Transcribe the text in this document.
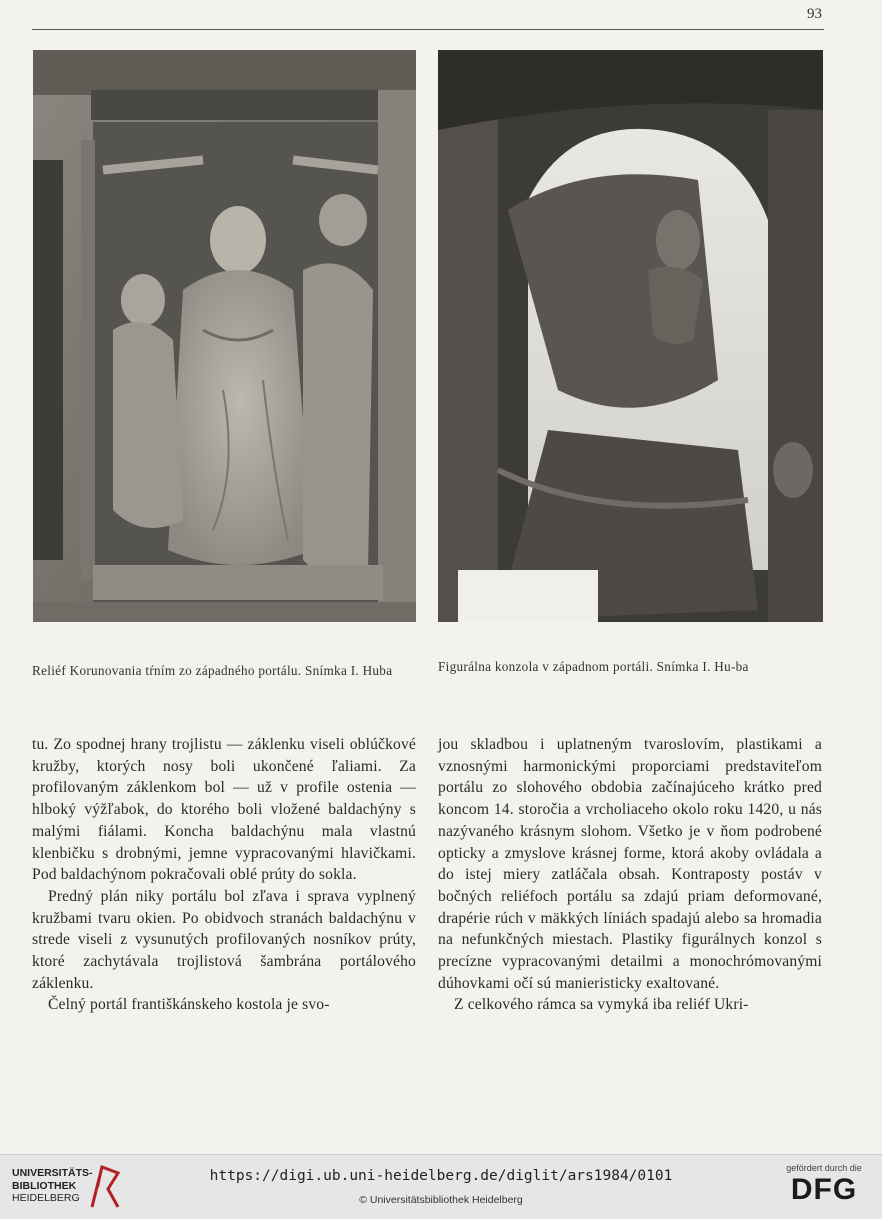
93
Reliéf Korunovania tŕním zo západného portálu. Snímka I. Huba	Figurálna konzola v západnom portáli. Snímka I. Hu-ba

tu. Zo spodnej hrany trojlistu — záklenku viseli oblúčkové kružby, ktorých nosy boli ukončené ľaliami. Za profilovaným záklenkom bol — už v profile ostenia — hlboký výžľabok, do ktorého boli vložené baldachýny s malými fiálami. Koncha baldachýnu mala vlastnú klenbičku s drobnými, jemne vypracovanými hlavičkami. Pod baldachýnom pokračovali oblé prúty do sokla.

Predný plán niky portálu bol zľava i sprava vyplnený kružbami tvaru okien. Po obidvoch stranách baldachýnu v strede viseli z vysunutých profilovaných nosníkov prúty, ktoré zachytávala trojlistová šambrána portálového záklenku.

Čelný portál františkánskeho kostola je svo-

jou skladbou i uplatneným tvaroslovím, plastikami a vznosnými harmonickými proporciami predstaviteľom portálu zo slohového obdobia začínajúceho krátko pred koncom 14. storočia a vrcholiaceho okolo roku 1420, u nás nazývaného krásnym slohom. Všetko je v ňom podrobené opticky a zmyslove krásnej forme, ktorá akoby ovládala a do istej miery zatláčala obsah. Kontraposty postáv v bočných reliéfoch portálu sa zdajú priam deformované, drapérie rúch v mäkkých líniách spadajú alebo sa hromadia na nefunkčných miestach. Plastiky figurálnych konzol s precízne vypracovanými detailmi a monochrómovanými dúhovkami očí sú manieristicky exaltované.

Z celkového rámca sa vymyká iba reliéf Ukri-

UNIVERSITÄTS-
BIBLIOTHEK
HEIDELBERG
https://digi.ub.uni-heidelberg.de/diglit/ars1984/0101
© Universitätsbibliothek Heidelberg
gefördert durch die
DFG
